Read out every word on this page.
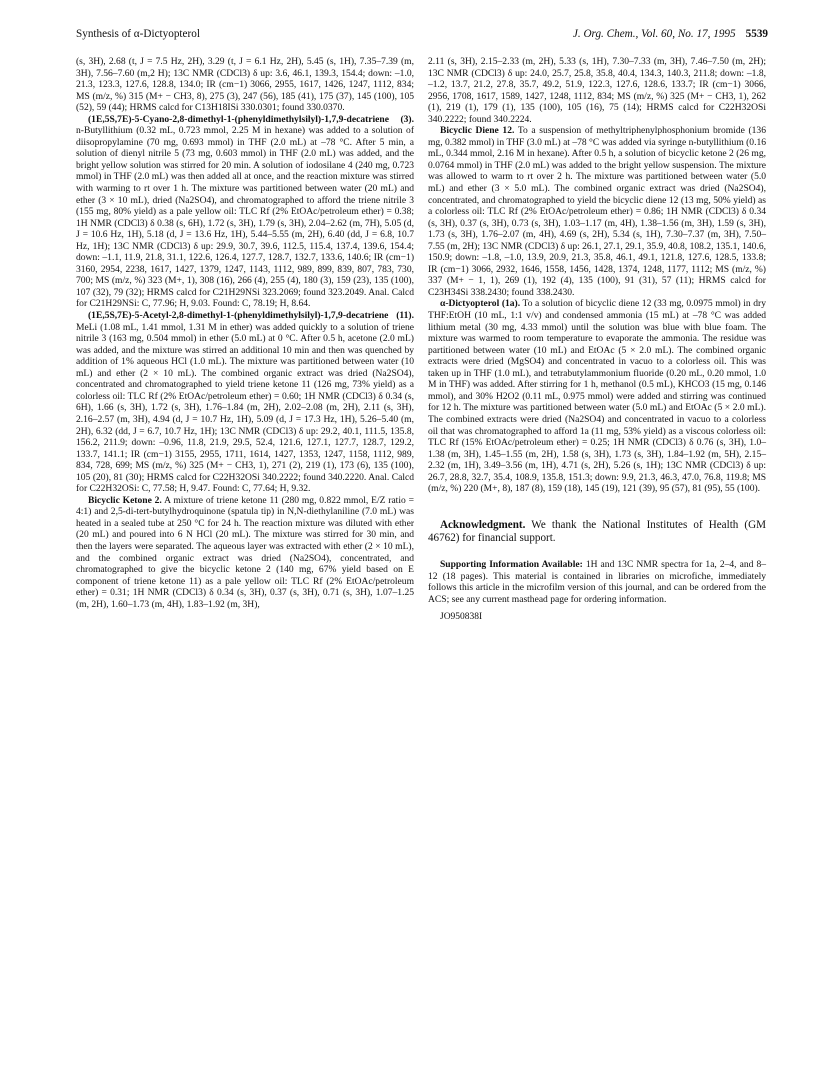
Synthesis of α-Dictyopterol	J. Org. Chem., Vol. 60, No. 17, 1995 5539

(s, 3H), 2.68 (t, J = 7.5 Hz, 2H), 3.29 (t, J = 6.1 Hz, 2H), 5.45 (s, 1H), 7.35–7.39 (m, 3H), 7.56–7.60 (m,2 H); 13C NMR (CDCl3) δ up: 3.6, 46.1, 139.3, 154.4; down: –1.0, 21.3, 123.3, 127.6, 128.8, 134.0; IR (cm−1) 3066, 2955, 1617, 1426, 1247, 1112, 834; MS (m/z, %) 315 (M+ − CH3, 8), 275 (3), 247 (56), 185 (41), 175 (37), 145 (100), 105 (52), 59 (44); HRMS calcd for C13H18ISi 330.0301; found 330.0370.

(1E,5S,7E)-5-Cyano-2,8-dimethyl-1-(phenyldimethylsilyl)-1,7,9-decatriene (3). n-Butyllithium (0.32 mL, 0.723 mmol, 2.25 M in hexane) was added to a solution of diisopropylamine (70 mg, 0.693 mmol) in THF (2.0 mL) at –78 °C. After 5 min, a solution of dienyl nitrile 5 (73 mg, 0.603 mmol) in THF (2.0 mL) was added, and the bright yellow solution was stirred for 20 min. A solution of iodosilane 4 (240 mg, 0.723 mmol) in THF (2.0 mL) was then added all at once, and the reaction mixture was stirred with warming to rt over 1 h. The mixture was partitioned between water (20 mL) and ether (3 × 10 mL), dried (Na2SO4), and chromatographed to afford the triene nitrile 3 (155 mg, 80% yield) as a pale yellow oil: TLC Rf (2% EtOAc/petroleum ether) = 0.38; 1H NMR (CDCl3) δ 0.38 (s, 6H), 1.72 (s, 3H), 1.79 (s, 3H), 2.04–2.62 (m, 7H), 5.05 (d, J = 10.6 Hz, 1H), 5.18 (d, J = 13.6 Hz, 1H), 5.44–5.55 (m, 2H), 6.40 (dd, J = 6.8, 10.7 Hz, 1H); 13C NMR (CDCl3) δ up: 29.9, 30.7, 39.6, 112.5, 115.4, 137.4, 139.6, 154.4; down: –1.1, 11.9, 21.8, 31.1, 122.6, 126.4, 127.7, 128.7, 132.7, 133.6, 140.6; IR (cm−1) 3160, 2954, 2238, 1617, 1427, 1379, 1247, 1143, 1112, 989, 899, 839, 807, 783, 730, 700; MS (m/z, %) 323 (M+, 1), 308 (16), 266 (4), 255 (4), 180 (3), 159 (23), 135 (100), 107 (32), 79 (32); HRMS calcd for C21H29NSi 323.2069; found 323.2049. Anal. Calcd for C21H29NSi: C, 77.96; H, 9.03. Found: C, 78.19; H, 8.64.

(1E,5S,7E)-5-Acetyl-2,8-dimethyl-1-(phenyldimethylsilyl)-1,7,9-decatriene (11). MeLi (1.08 mL, 1.41 mmol, 1.31 M in ether) was added quickly to a solution of triene nitrile 3 (163 mg, 0.504 mmol) in ether (5.0 mL) at 0 °C. After 0.5 h, acetone (2.0 mL) was added, and the mixture was stirred an additional 10 min and then was quenched by addition of 1% aqueous HCl (1.0 mL). The mixture was partitioned between water (10 mL) and ether (2 × 10 mL). The combined organic extract was dried (Na2SO4), concentrated and chromatographed to yield triene ketone 11 (126 mg, 73% yield) as a colorless oil: TLC Rf (2% EtOAc/petroleum ether) = 0.60; 1H NMR (CDCl3) δ 0.34 (s, 6H), 1.66 (s, 3H), 1.72 (s, 3H), 1.76–1.84 (m, 2H), 2.02–2.08 (m, 2H), 2.11 (s, 3H), 2.16–2.57 (m, 3H), 4.94 (d, J = 10.7 Hz, 1H), 5.09 (d, J = 17.3 Hz, 1H), 5.26–5.40 (m, 2H), 6.32 (dd, J = 6.7, 10.7 Hz, 1H); 13C NMR (CDCl3) δ up: 29.2, 40.1, 111.5, 135.8, 156.2, 211.9; down: –0.96, 11.8, 21.9, 29.5, 52.4, 121.6, 127.1, 127.7, 128.7, 129.2, 133.7, 141.1; IR (cm−1) 3155, 2955, 1711, 1614, 1427, 1353, 1247, 1158, 1112, 989, 834, 728, 699; MS (m/z, %) 325 (M+ − CH3, 1), 271 (2), 219 (1), 173 (6), 135 (100), 105 (20), 81 (30); HRMS calcd for C22H32OSi 340.2222; found 340.2220. Anal. Calcd for C22H32OSi: C, 77.58; H, 9.47. Found: C, 77.64; H, 9.32.

Bicyclic Ketone 2. A mixture of triene ketone 11 (280 mg, 0.822 mmol, E/Z ratio = 4:1) and 2,5-di-tert-butylhydroquinone (spatula tip) in N,N-diethylaniline (7.0 mL) was heated in a sealed tube at 250 °C for 24 h. The reaction mixture was diluted with ether (20 mL) and poured into 6 N HCl (20 mL). The mixture was stirred for 30 min, and then the layers were separated. The aqueous layer was extracted with ether (2 × 10 mL), and the combined organic extract was dried (Na2SO4), concentrated, and chromatographed to give the bicyclic ketone 2 (140 mg, 67% yield based on E component of triene ketone 11) as a pale yellow oil: TLC Rf (2% EtOAc/petroleum ether) = 0.31; 1H NMR (CDCl3) δ 0.34 (s, 3H), 0.37 (s, 3H), 0.71 (s, 3H), 1.07–1.25 (m, 2H), 1.60–1.73 (m, 4H), 1.83–1.92 (m, 3H),

2.11 (s, 3H), 2.15–2.33 (m, 2H), 5.33 (s, 1H), 7.30–7.33 (m, 3H), 7.46–7.50 (m, 2H); 13C NMR (CDCl3) δ up: 24.0, 25.7, 25.8, 35.8, 40.4, 134.3, 140.3, 211.8; down: –1.8, –1.2, 13.7, 21.2, 27.8, 35.7, 49.2, 51.9, 122.3, 127.6, 128.6, 133.7; IR (cm−1) 3066, 2956, 1708, 1617, 1589, 1427, 1248, 1112, 834; MS (m/z, %) 325 (M+ − CH3, 1), 262 (1), 219 (1), 179 (1), 135 (100), 105 (16), 75 (14); HRMS calcd for C22H32OSi 340.2222; found 340.2224.

Bicyclic Diene 12. To a suspension of methyltriphenylphosphonium bromide (136 mg, 0.382 mmol) in THF (3.0 mL) at –78 °C was added via syringe n-butyllithium (0.16 mL, 0.344 mmol, 2.16 M in hexane). After 0.5 h, a solution of bicyclic ketone 2 (26 mg, 0.0764 mmol) in THF (2.0 mL) was added to the bright yellow suspension. The mixture was allowed to warm to rt over 2 h. The mixture was partitioned between water (5.0 mL) and ether (3 × 5.0 mL). The combined organic extract was dried (Na2SO4), concentrated, and chromatographed to yield the bicyclic diene 12 (13 mg, 50% yield) as a colorless oil: TLC Rf (2% EtOAc/petroleum ether) = 0.86; 1H NMR (CDCl3) δ 0.34 (s, 3H), 0.37 (s, 3H), 0.73 (s, 3H), 1.03–1.17 (m, 4H), 1.38–1.56 (m, 3H), 1.59 (s, 3H), 1.73 (s, 3H), 1.76–2.07 (m, 4H), 4.69 (s, 2H), 5.34 (s, 1H), 7.30–7.37 (m, 3H), 7.50–7.55 (m, 2H); 13C NMR (CDCl3) δ up: 26.1, 27.1, 29.1, 35.9, 40.8, 108.2, 135.1, 140.6, 150.9; down: –1.8, –1.0, 13.9, 20.9, 21.3, 35.8, 46.1, 49.1, 121.8, 127.6, 128.5, 133.8; IR (cm−1) 3066, 2932, 1646, 1558, 1456, 1428, 1374, 1248, 1177, 1112; MS (m/z, %) 337 (M+ − 1, 1), 269 (1), 192 (4), 135 (100), 91 (31), 57 (11); HRMS calcd for C23H34Si 338.2430; found 338.2430.

α-Dictyopterol (1a). To a solution of bicyclic diene 12 (33 mg, 0.0975 mmol) in dry THF:EtOH (10 mL, 1:1 v/v) and condensed ammonia (15 mL) at –78 °C was added lithium metal (30 mg, 4.33 mmol) until the solution was blue with blue foam. The mixture was warmed to room temperature to evaporate the ammonia. The residue was partitioned between water (10 mL) and EtOAc (5 × 2.0 mL). The combined organic extracts were dried (MgSO4) and concentrated in vacuo to a colorless oil. This was taken up in THF (1.0 mL), and tetrabutylammonium fluoride (0.20 mL, 0.20 mmol, 1.0 M in THF) was added. After stirring for 1 h, methanol (0.5 mL), KHCO3 (15 mg, 0.146 mmol), and 30% H2O2 (0.11 mL, 0.975 mmol) were added and stirring was continued for 12 h. The mixture was partitioned between water (5.0 mL) and EtOAc (5 × 2.0 mL). The combined extracts were dried (Na2SO4) and concentrated in vacuo to a colorless oil that was chromatographed to afford 1a (11 mg, 53% yield) as a viscous colorless oil: TLC Rf (15% EtOAc/petroleum ether) = 0.25; 1H NMR (CDCl3) δ 0.76 (s, 3H), 1.0–1.38 (m, 3H), 1.45–1.55 (m, 2H), 1.58 (s, 3H), 1.73 (s, 3H), 1.84–1.92 (m, 5H), 2.15–2.32 (m, 1H), 3.49–3.56 (m, 1H), 4.71 (s, 2H), 5.26 (s, 1H); 13C NMR (CDCl3) δ up: 26.7, 28.8, 32.7, 35.4, 108.9, 135.8, 151.3; down: 9.9, 21.3, 46.3, 47.0, 76.8, 119.8; MS (m/z, %) 220 (M+, 8), 187 (8), 159 (18), 145 (19), 121 (39), 95 (57), 81 (95), 55 (100).

Acknowledgment. We thank the National Institutes of Health (GM 46762) for financial support.

Supporting Information Available: 1H and 13C NMR spectra for 1a, 2–4, and 8–12 (18 pages). This material is contained in libraries on microfiche, immediately follows this article in the microfilm version of this journal, and can be ordered from the ACS; see any current masthead page for ordering information.

JO950838I
